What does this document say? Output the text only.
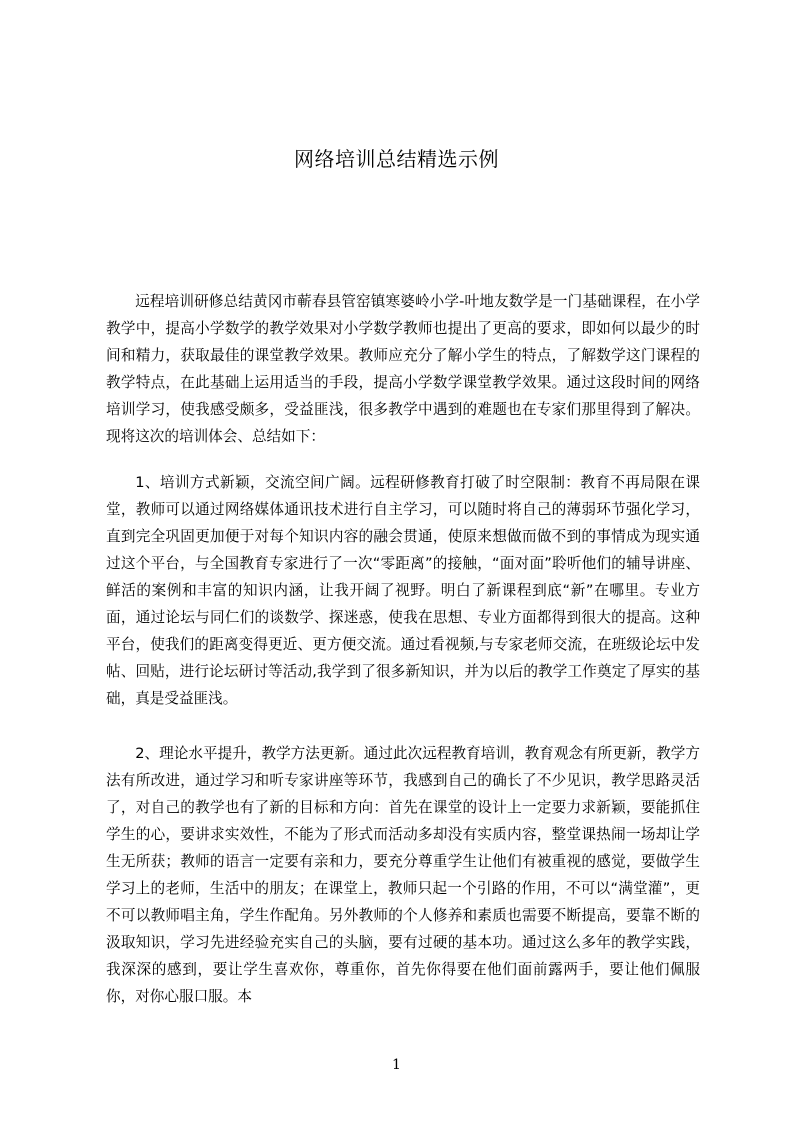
网络培训总结精选示例

远程培训研修总结黄冈市蕲春县管窑镇寒婆岭小学-叶地友数学是一门基础课程，在小学教学中，提高小学数学的教学效果对小学数学教师也提出了更高的要求，即如何以最少的时间和精力，获取最佳的课堂教学效果。教师应充分了解小学生的特点，了解数学这门课程的教学特点，在此基础上运用适当的手段，提高小学数学课堂教学效果。通过这段时间的网络培训学习，使我感受颇多，受益匪浅，很多教学中遇到的难题也在专家们那里得到了解决。现将这次的培训体会、总结如下：

1、培训方式新颖，交流空间广阔。远程研修教育打破了时空限制：教育不再局限在课堂，教师可以通过网络媒体通讯技术进行自主学习，可以随时将自己的薄弱环节强化学习，直到完全巩固更加便于对每个知识内容的融会贯通，使原来想做而做不到的事情成为现实通过这个平台，与全国教育专家进行了一次“零距离”的接触，“面对面”聆听他们的辅导讲座、鲜活的案例和丰富的知识内涵，让我开阔了视野。明白了新课程到底“新”在哪里。专业方面，通过论坛与同仁们的谈数学、探迷惑，使我在思想、专业方面都得到很大的提高。这种平台，使我们的距离变得更近、更方便交流。通过看视频,与专家老师交流，在班级论坛中发帖、回贴，进行论坛研讨等活动,我学到了很多新知识，并为以后的教学工作奠定了厚实的基础，真是受益匪浅。

2、理论水平提升，教学方法更新。通过此次远程教育培训，教育观念有所更新，教学方法有所改进，通过学习和听专家讲座等环节，我感到自己的确长了不少见识，教学思路灵活了，对自己的教学也有了新的目标和方向：首先在课堂的设计上一定要力求新颖，要能抓住学生的心，要讲求实效性，不能为了形式而活动多却没有实质内容，整堂课热闹一场却让学生无所获；教师的语言一定要有亲和力，要充分尊重学生让他们有被重视的感觉，要做学生学习上的老师，生活中的朋友；在课堂上，教师只起一个引路的作用，不可以“满堂灌”，更不可以教师唱主角，学生作配角。另外教师的个人修养和素质也需要不断提高，要靠不断的汲取知识，学习先进经验充实自己的头脑，要有过硬的基本功。通过这么多年的教学实践，我深深的感到，要让学生喜欢你，尊重你，首先你得要在他们面前露两手，要让他们佩服你，对你心服口服。本

1
